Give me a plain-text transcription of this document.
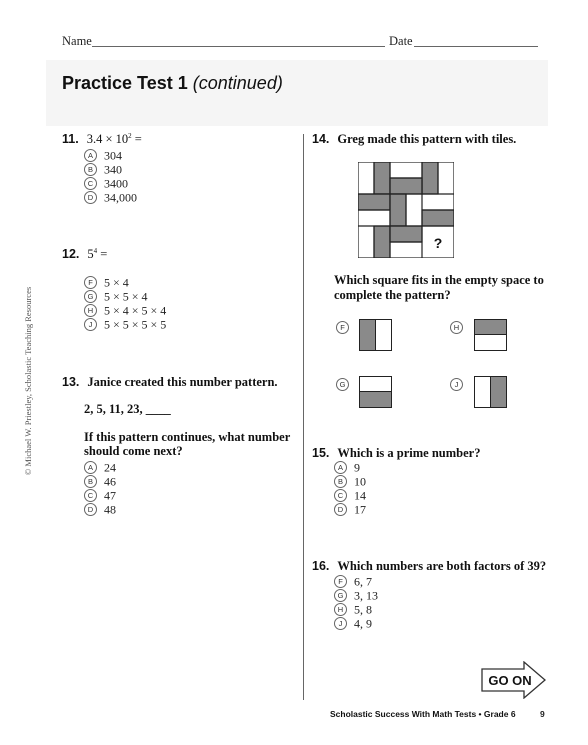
Name	Date
Practice Test 1 (continued)
© Michael W. Priestley, Scholastic Teaching Resources
11. $3.4 \times 10^2$ =
A 304
B 340
C 3400
D 34,000
12. $5^4$ =
F 5 × 4
G 5 × 5 × 4
H 5 × 4 × 5 × 4
J 5 × 5 × 5 × 5
13. Janice created this number pattern.
2, 5, 11, 23, ____
If this pattern continues, what number
should come next?
A 24
B 46
C 47
D 48
14. Greg made this pattern with tiles.
?
Which square fits in the empty space to
complete the pattern?
F	H
G	J
15. Which is a prime number?
A 9
B 10
C 14
D 17
16. Which numbers are both factors of 39?
F 6, 7
G 3, 13
H 5, 8
J 4, 9
GO ON
Scholastic Success With Math Tests • Grade 6	9
